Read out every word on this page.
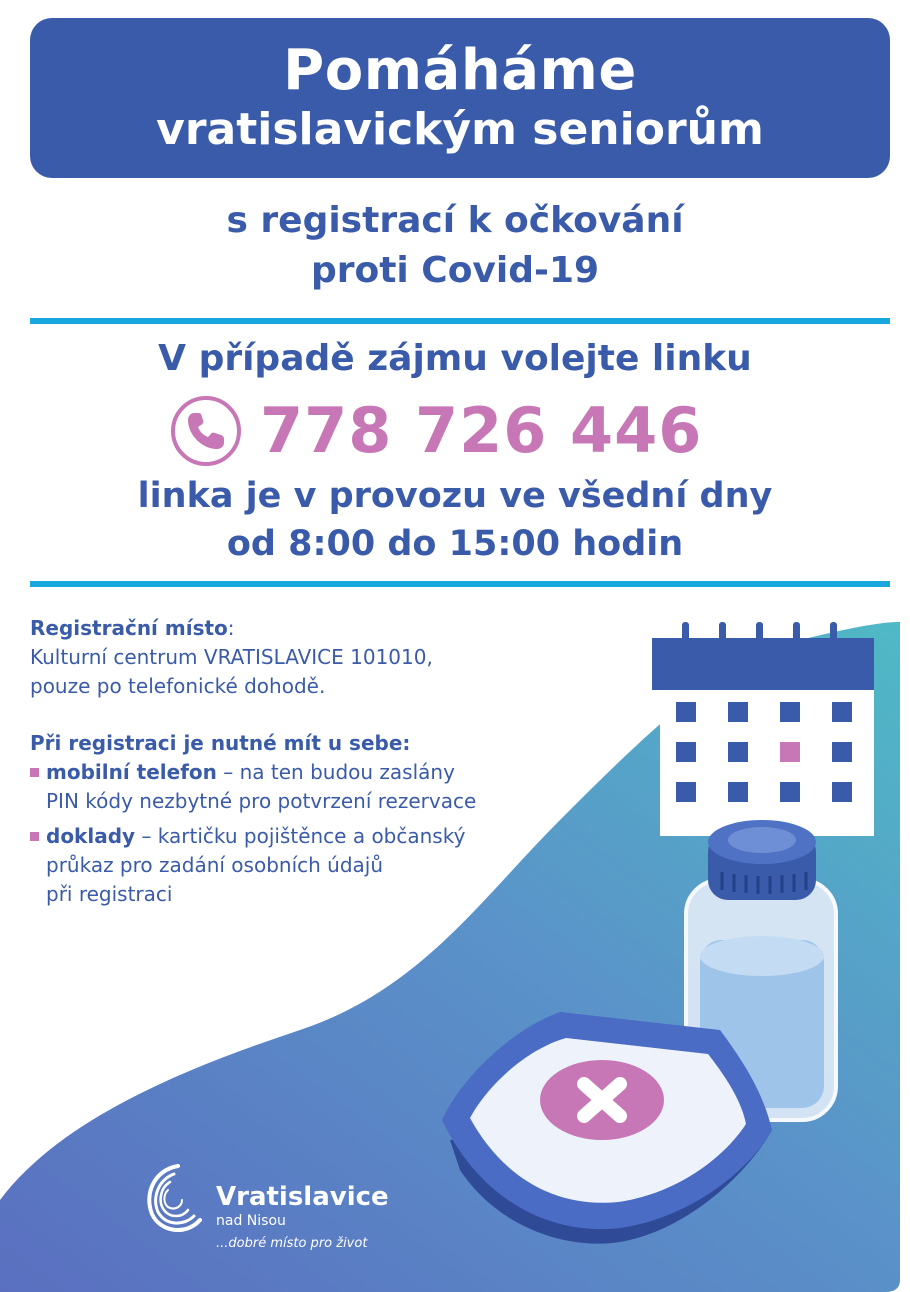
Pomáháme
vratislavickým seniorům
s registrací k očkování
proti Covid-19
V případě zájmu volejte linku
778 726 446
linka je v provozu ve všední dny
od 8:00 do 15:00 hodin
Registrační místo:
Kulturní centrum VRATISLAVICE 101010,
pouze po telefonické dohodě.
Při registraci je nutné mít u sebe:
mobilní telefon – na ten budou zaslány
PIN kódy nezbytné pro potvrzení rezervace
doklady – kartičku pojištěnce a občanský
průkaz pro zadání osobních údajů
při registraci
Vratislavice
nad Nisou
...dobré místo pro život
